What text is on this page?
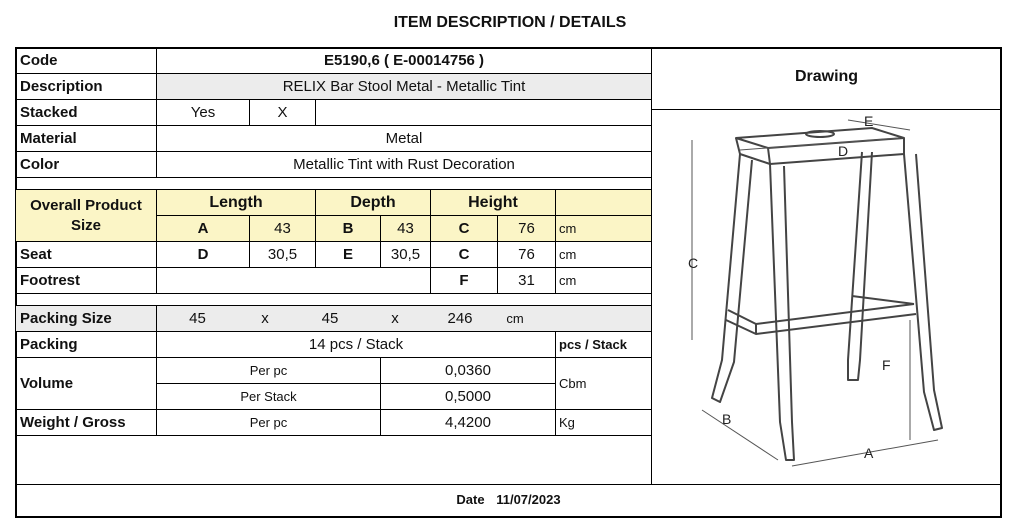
ITEM DESCRIPTION / DETAILS
Code	E5190,6 ( E-00014756 )						
Description	RELIX Bar Stool Metal - Metallic Tint						
Stacked	Yes	X					
Material	Metal						
Color	Metallic Tint with Rust Decoration						

Overall Product Size	Length		Depth		Height		
	A	43	B	43	C	76	cm
Seat	D	30,5	E	30,5	C	76	cm
Footrest					F	31	cm

Packing Size	45 x 45 x 246 cm						
Packing	14 pcs / Stack						pcs / Stack
Volume	Per pc			0,0360			Cbm
	Per Stack			0,5000			
Weight / Gross	Per pc			4,4200			Kg
Drawing
C
F
A
B
D
E
Date 11/07/2023
